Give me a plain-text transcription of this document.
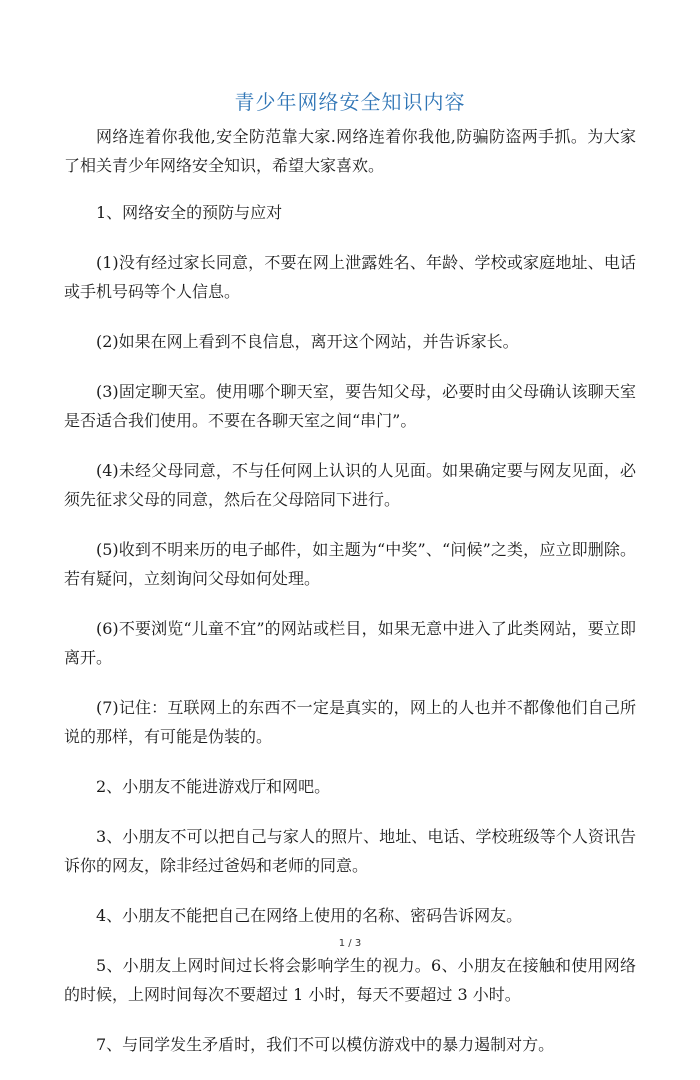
青少年网络安全知识内容

网络连着你我他,安全防范靠大家.网络连着你我他,防骗防盗两手抓。为大家了相关青少年网络安全知识，希望大家喜欢。

1、网络安全的预防与应对

(1)没有经过家长同意，不要在网上泄露姓名、年龄、学校或家庭地址、电话或手机号码等个人信息。

(2)如果在网上看到不良信息，离开这个网站，并告诉家长。

(3)固定聊天室。使用哪个聊天室，要告知父母，必要时由父母确认该聊天室是否适合我们使用。不要在各聊天室之间“串门”。

(4)未经父母同意，不与任何网上认识的人见面。如果确定要与网友见面，必须先征求父母的同意，然后在父母陪同下进行。

(5)收到不明来历的电子邮件，如主题为“中奖”、“问候”之类，应立即删除。若有疑问，立刻询问父母如何处理。

(6)不要浏览“儿童不宜”的网站或栏目，如果无意中进入了此类网站，要立即离开。

(7)记住：互联网上的东西不一定是真实的，网上的人也并不都像他们自己所说的那样，有可能是伪装的。

2、小朋友不能进游戏厅和网吧。

3、小朋友不可以把自己与家人的照片、地址、电话、学校班级等个人资讯告诉你的网友，除非经过爸妈和老师的同意。

4、小朋友不能把自己在网络上使用的名称、密码告诉网友。

5、小朋友上网时间过长将会影响学生的视力。6、小朋友在接触和使用网络的时候，上网时间每次不要超过 1 小时，每天不要超过 3 小时。

7、与同学发生矛盾时，我们不可以模仿游戏中的暴力遏制对方。

1 / 3
